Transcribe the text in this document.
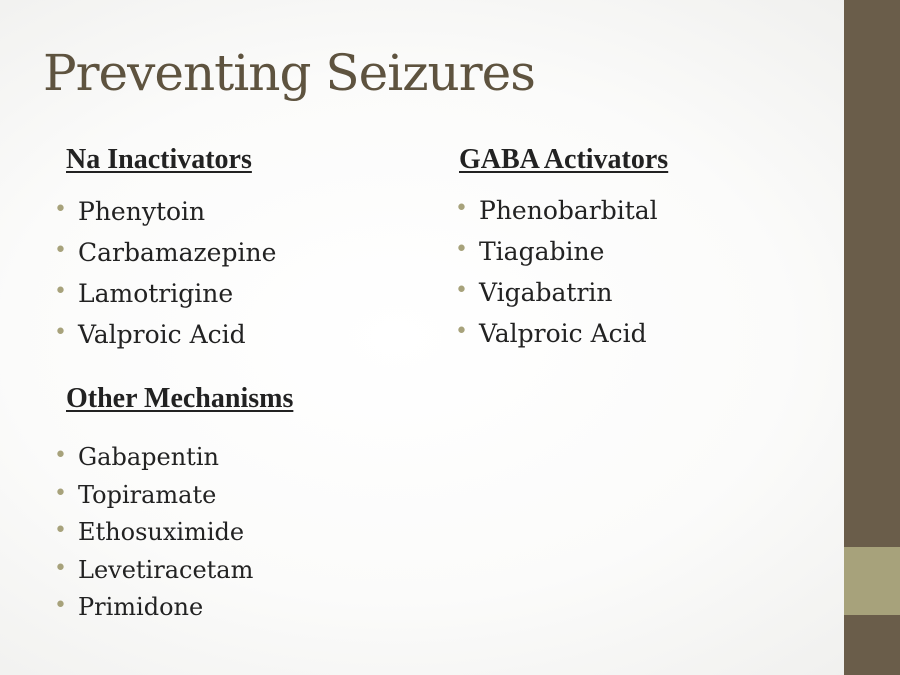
Preventing Seizures
Na Inactivators
• Phenytoin
• Carbamazepine
• Lamotrigine
• Valproic Acid
GABA Activators
• Phenobarbital
• Tiagabine
• Vigabatrin
• Valproic Acid
Other Mechanisms
• Gabapentin
• Topiramate
• Ethosuximide
• Levetiracetam
• Primidone
